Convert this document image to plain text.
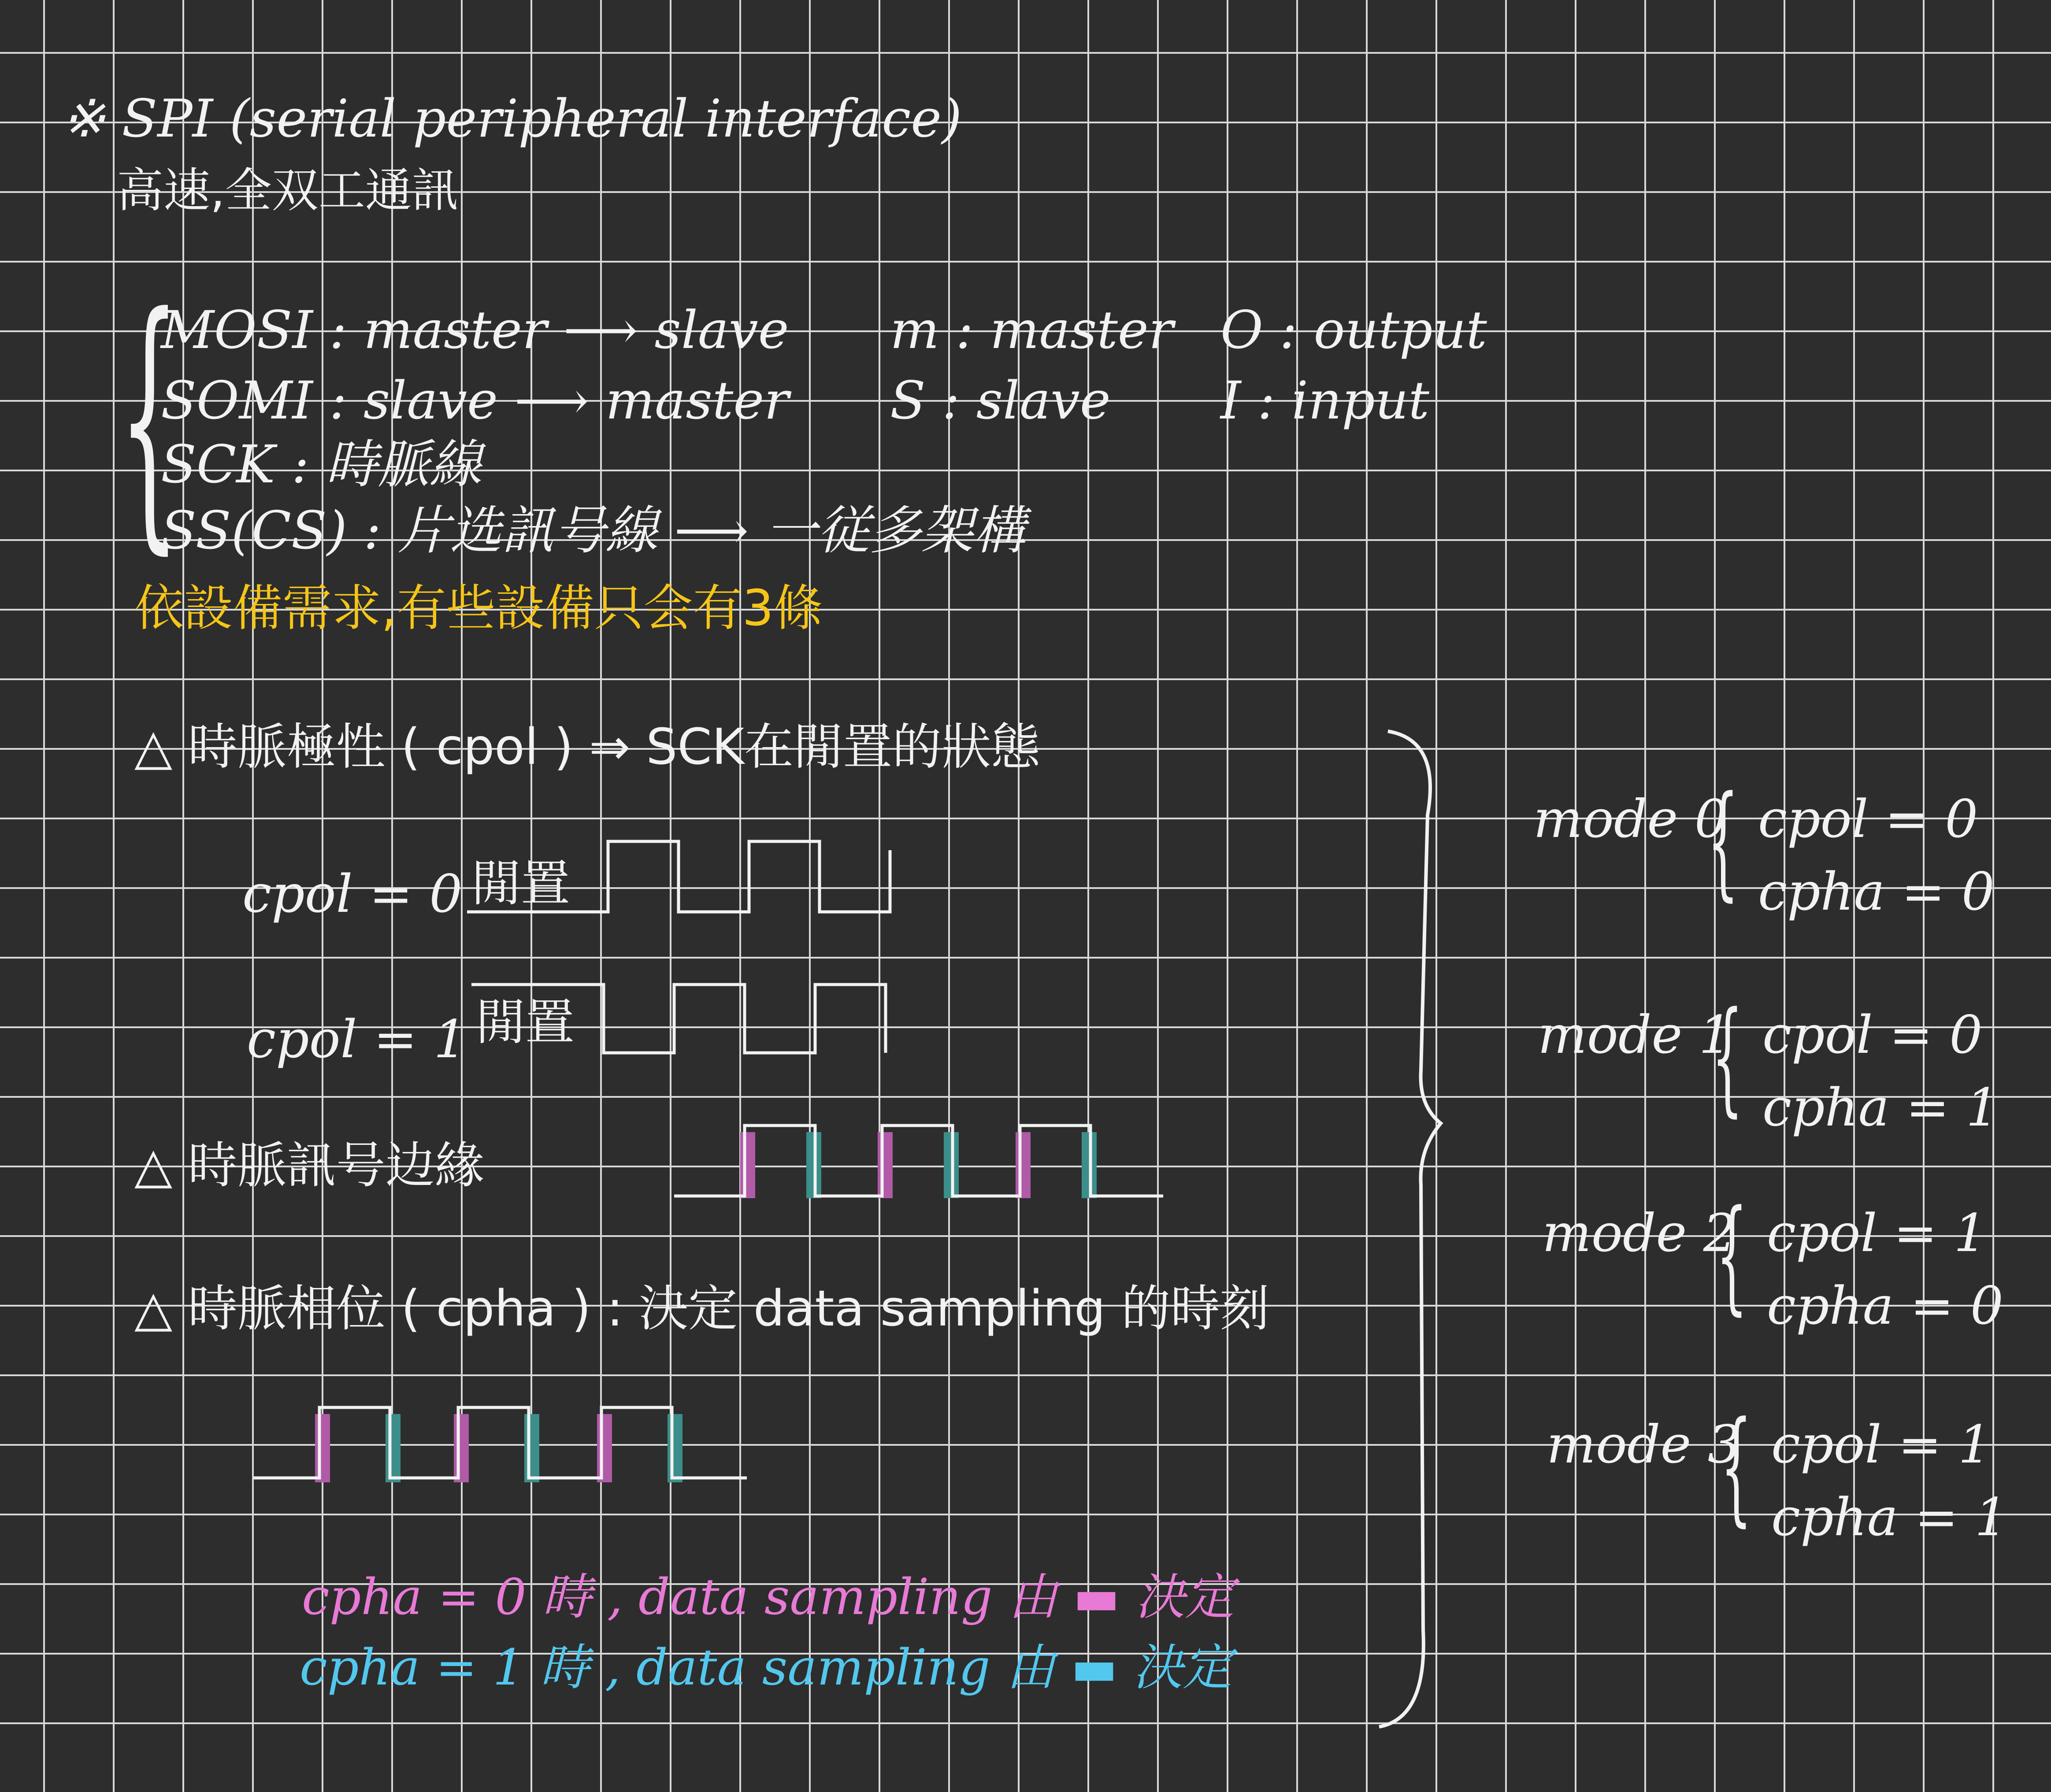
※ SPI (serial peripheral interface)
高速,全双工通訊
{
MOSI : master ⟶ slave
SOMI : slave ⟶ master
SCK : 時脈線
SS(CS) : 片选訊号線 ⟶ 一従多架構
m : master
S : slave
O : output
I : input
依設備需求,有些設備只会有3條
△ 時脈極性 ( cpol ) ⇒ SCK在閒置的狀態
cpol = 0 閒置
cpol = 1 閒置
△ 時脈訊号边緣
△ 時脈相位 ( cpha ) : 決定 data sampling 的時刻
cpha = 0 時 , data sampling 由 ▬ 決定
cpha = 1 時 , data sampling 由 ▬ 決定
mode 0
{ cpol = 0
cpha = 0
mode 1
{ cpol = 0
cpha = 1
mode 2
{ cpol = 1
cpha = 0
mode 3
{ cpol = 1
cpha = 1
